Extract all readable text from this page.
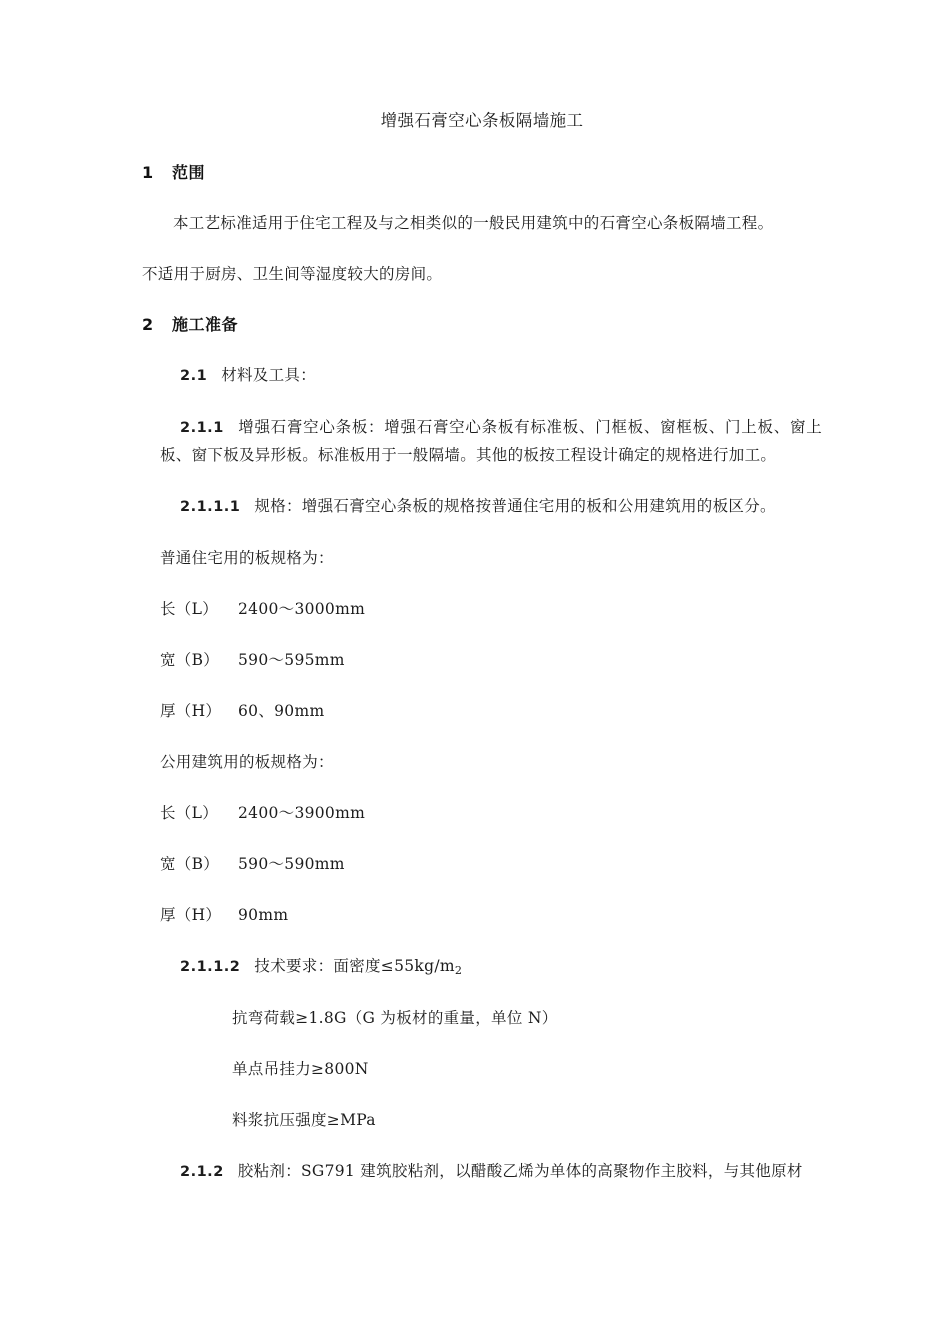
增强石膏空心条板隔墙施工
1 范围
本工艺标准适用于住宅工程及与之相类似的一般民用建筑中的石膏空心条板隔墙工程。
不适用于厨房、卫生间等湿度较大的房间。
2 施工准备
2.1 材料及工具：
2.1.1 增强石膏空心条板：增强石膏空心条板有标准板、门框板、窗框板、门上板、窗上板、窗下板及异形板。标准板用于一般隔墙。其他的板按工程设计确定的规格进行加工。
2.1.1.1 规格：增强石膏空心条板的规格按普通住宅用的板和公用建筑用的板区分。
普通住宅用的板规格为：
长（L） 2400〜3000mm
宽（B） 590〜595mm
厚（H） 60、90mm
公用建筑用的板规格为：
长（L） 2400〜3900mm
宽（B） 590〜590mm
厚（H） 90mm
2.1.1.2 技术要求：面密度$\le 55kg/m_2$
抗弯荷载≥1.8G（G 为板材的重量，单位 N）
单点吊挂力≥800N
料浆抗压强度≥MPa
2.1.2 胶粘剂：SG791 建筑胶粘剂，以醋酸乙烯为单体的高聚物作主胶料，与其他原材
